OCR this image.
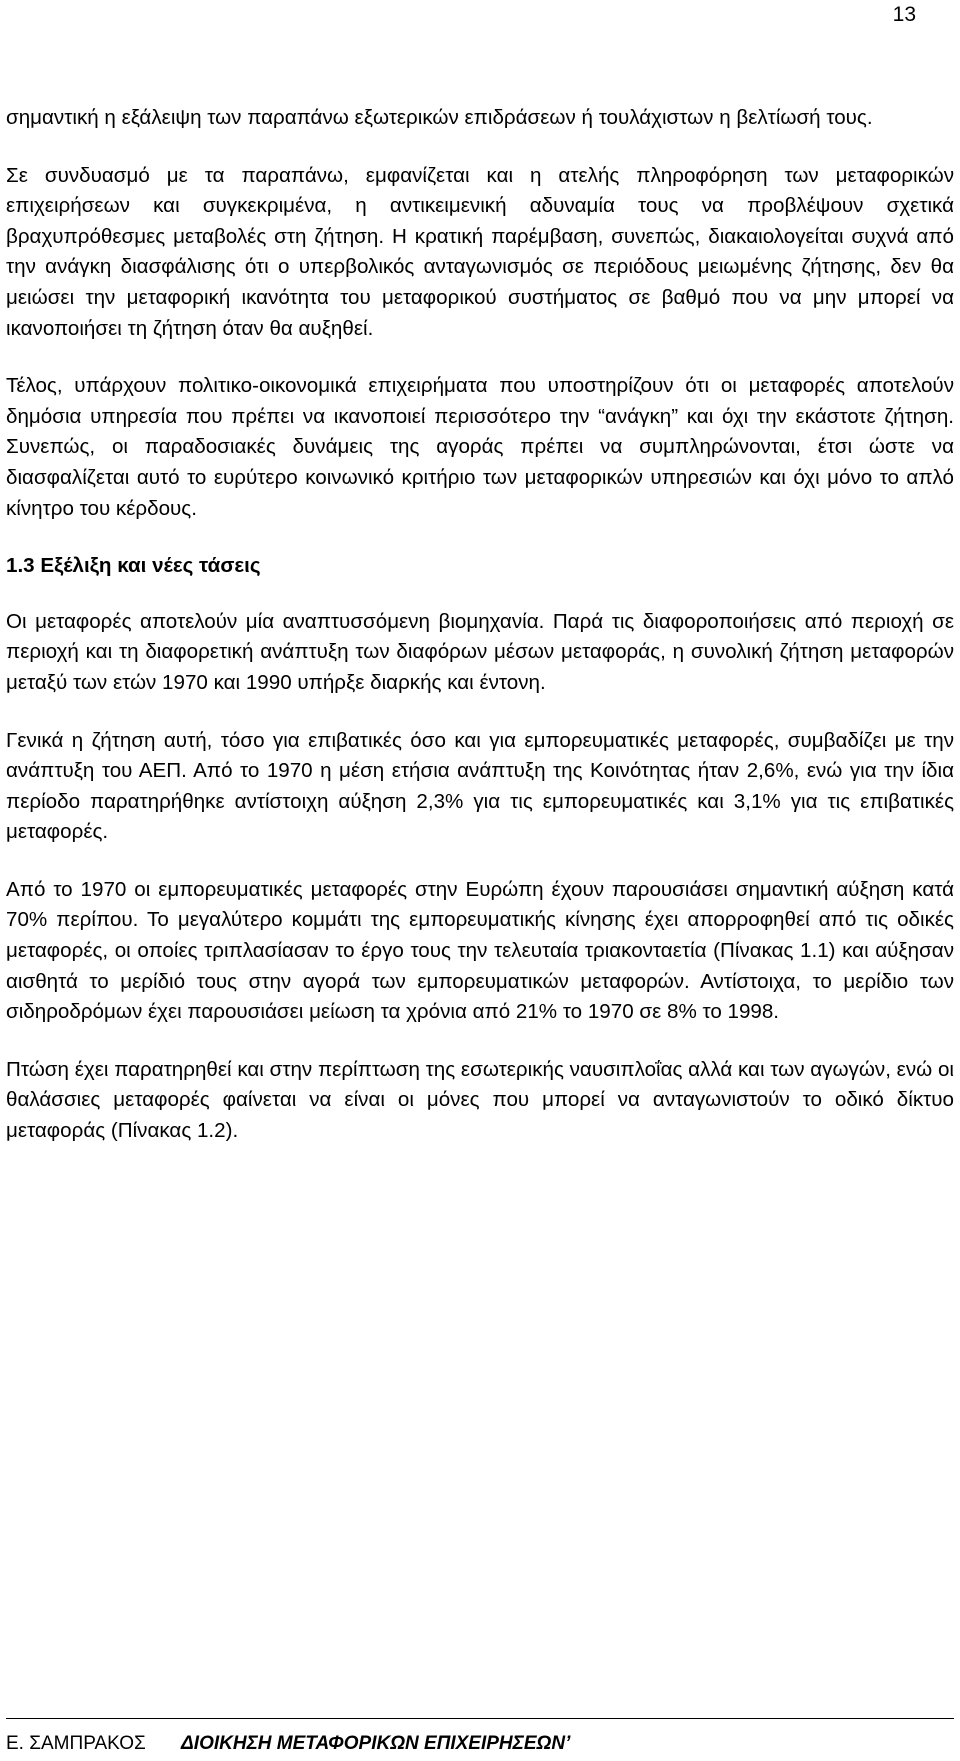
13

σημαντική η εξάλειψη των παραπάνω εξωτερικών επιδράσεων ή τουλάχιστων η βελτίωσή τους.

Σε συνδυασμό με τα παραπάνω, εμφανίζεται και η ατελής πληροφόρηση των μεταφορικών επιχειρήσεων και συγκεκριμένα, η αντικειμενική αδυναμία τους να προβλέψουν σχετικά βραχυπρόθεσμες μεταβολές στη ζήτηση. Η κρατική παρέμβαση, συνεπώς, διακαιολογείται συχνά από την ανάγκη διασφάλισης ότι ο υπερβολικός ανταγωνισμός σε περιόδους μειωμένης ζήτησης, δεν θα μειώσει την μεταφορική ικανότητα του μεταφορικού συστήματος σε βαθμό που να μην μπορεί να ικανοποιήσει τη ζήτηση όταν θα αυξηθεί.

Τέλος, υπάρχουν πολιτικο-οικονομικά επιχειρήματα που υποστηρίζουν ότι οι μεταφορές αποτελούν δημόσια υπηρεσία που πρέπει να ικανοποιεί περισσότερο την “ανάγκη” και όχι την εκάστοτε ζήτηση. Συνεπώς, οι παραδοσιακές δυνάμεις της αγοράς πρέπει να συμπληρώνονται, έτσι ώστε να διασφαλίζεται αυτό το ευρύτερο κοινωνικό κριτήριο των μεταφορικών υπηρεσιών και όχι μόνο το απλό κίνητρο του κέρδους.

1.3 Εξέλιξη και νέες τάσεις

Οι μεταφορές αποτελούν μία αναπτυσσόμενη βιομηχανία. Παρά τις διαφοροποιήσεις από περιοχή σε περιοχή και τη διαφορετική ανάπτυξη των διαφόρων μέσων μεταφοράς, η συνολική ζήτηση μεταφορών μεταξύ των ετών 1970 και 1990 υπήρξε διαρκής και έντονη.

Γενικά η ζήτηση αυτή, τόσο για επιβατικές όσο και για εμπορευματικές μεταφορές, συμβαδίζει με την ανάπτυξη του ΑΕΠ. Από το 1970 η μέση ετήσια ανάπτυξη της Κοινότητας ήταν 2,6%, ενώ για την ίδια περίοδο παρατηρήθηκε αντίστοιχη αύξηση 2,3% για τις εμπορευματικές και 3,1% για τις επιβατικές μεταφορές.

Από το 1970 οι εμπορευματικές μεταφορές στην Ευρώπη έχουν παρουσιάσει σημαντική αύξηση κατά 70% περίπου. Το μεγαλύτερο κομμάτι της εμπορευματικής κίνησης έχει απορροφηθεί από τις οδικές μεταφορές, οι οποίες τριπλασίασαν το έργο τους την τελευταία τριακονταετία (Πίνακας 1.1) και αύξησαν αισθητά το μερίδιό τους στην αγορά των εμπορευματικών μεταφορών. Αντίστοιχα, το μερίδιο των σιδηροδρόμων έχει παρουσιάσει μείωση τα χρόνια από 21% το 1970 σε 8% το 1998.

Πτώση έχει παρατηρηθεί και στην περίπτωση της εσωτερικής ναυσιπλοΐας αλλά και των αγωγών, ενώ οι θαλάσσιες μεταφορές φαίνεται να είναι οι μόνες που μπορεί να ανταγωνιστούν το οδικό δίκτυο μεταφοράς (Πίνακας 1.2).

Ε. ΣΑΜΠΡΑΚΟΣ ΔΙΟΙΚΗΣΗ ΜΕΤΑΦΟΡΙΚΩΝ ΕΠΙΧΕΙΡΗΣΕΩΝ’
